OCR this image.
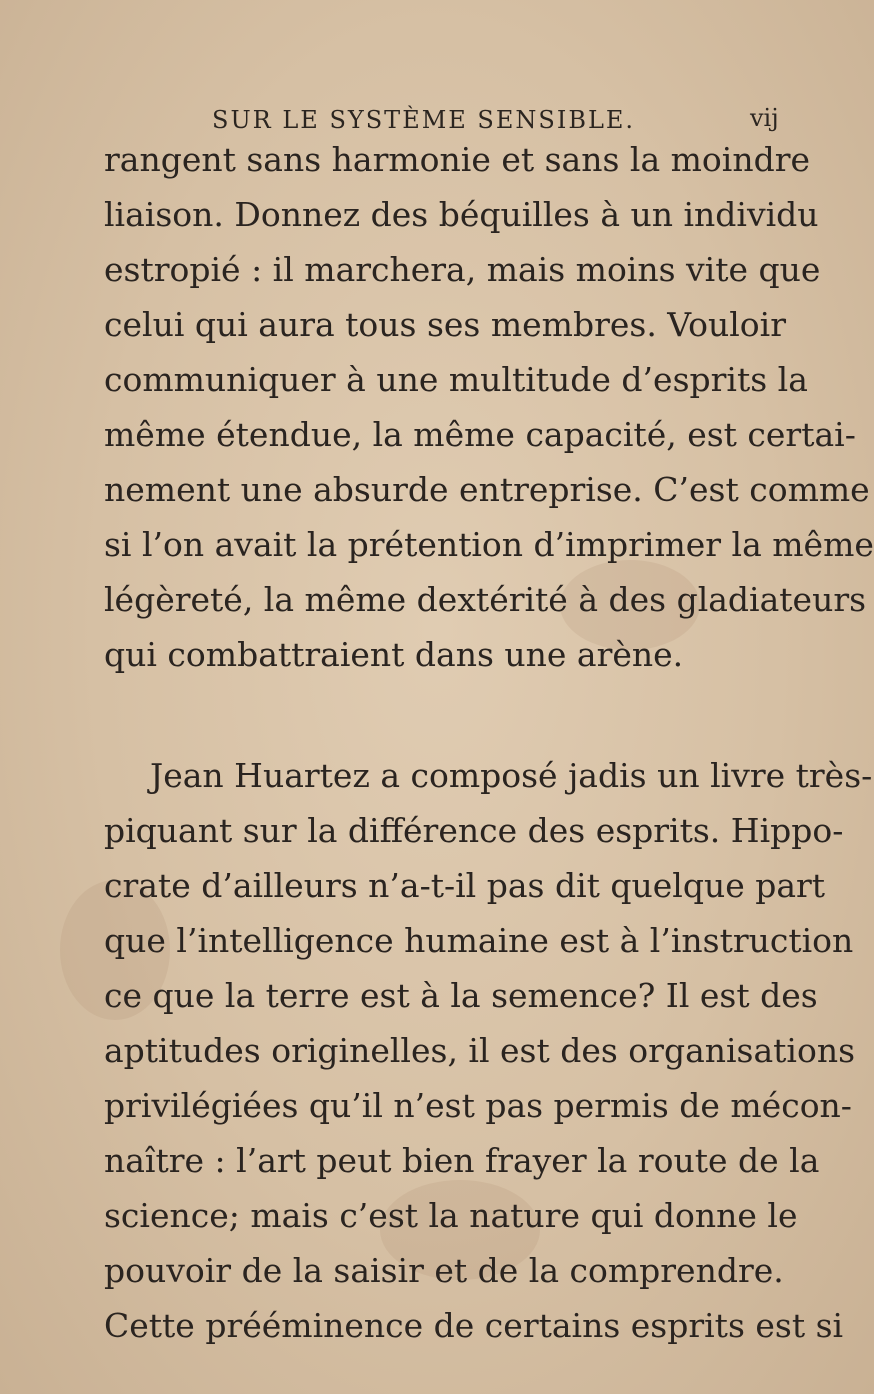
SUR LE SYSTÈME SENSIBLE.	vij
rangent sans harmonie et sans la moindre
liaison. Donnez des béquilles à un individu
estropié : il marchera, mais moins vite que
celui qui aura tous ses membres. Vouloir
communiquer à une multitude d’esprits la
même étendue, la même capacité, est certai-
nement une absurde entreprise. C’est comme
si l’on avait la prétention d’imprimer la même
légèreté, la même dextérité à des gladiateurs
qui combattraient dans une arène.
Jean Huartez a composé jadis un livre très-
piquant sur la différence des esprits. Hippo-
crate d’ailleurs n’a-t-il pas dit quelque part
que l’intelligence humaine est à l’instruction
ce que la terre est à la semence? Il est des
aptitudes originelles, il est des organisations
privilégiées qu’il n’est pas permis de mécon-
naître : l’art peut bien frayer la route de la
science; mais c’est la nature qui donne le
pouvoir de la saisir et de la comprendre.
Cette prééminence de certains esprits est si
